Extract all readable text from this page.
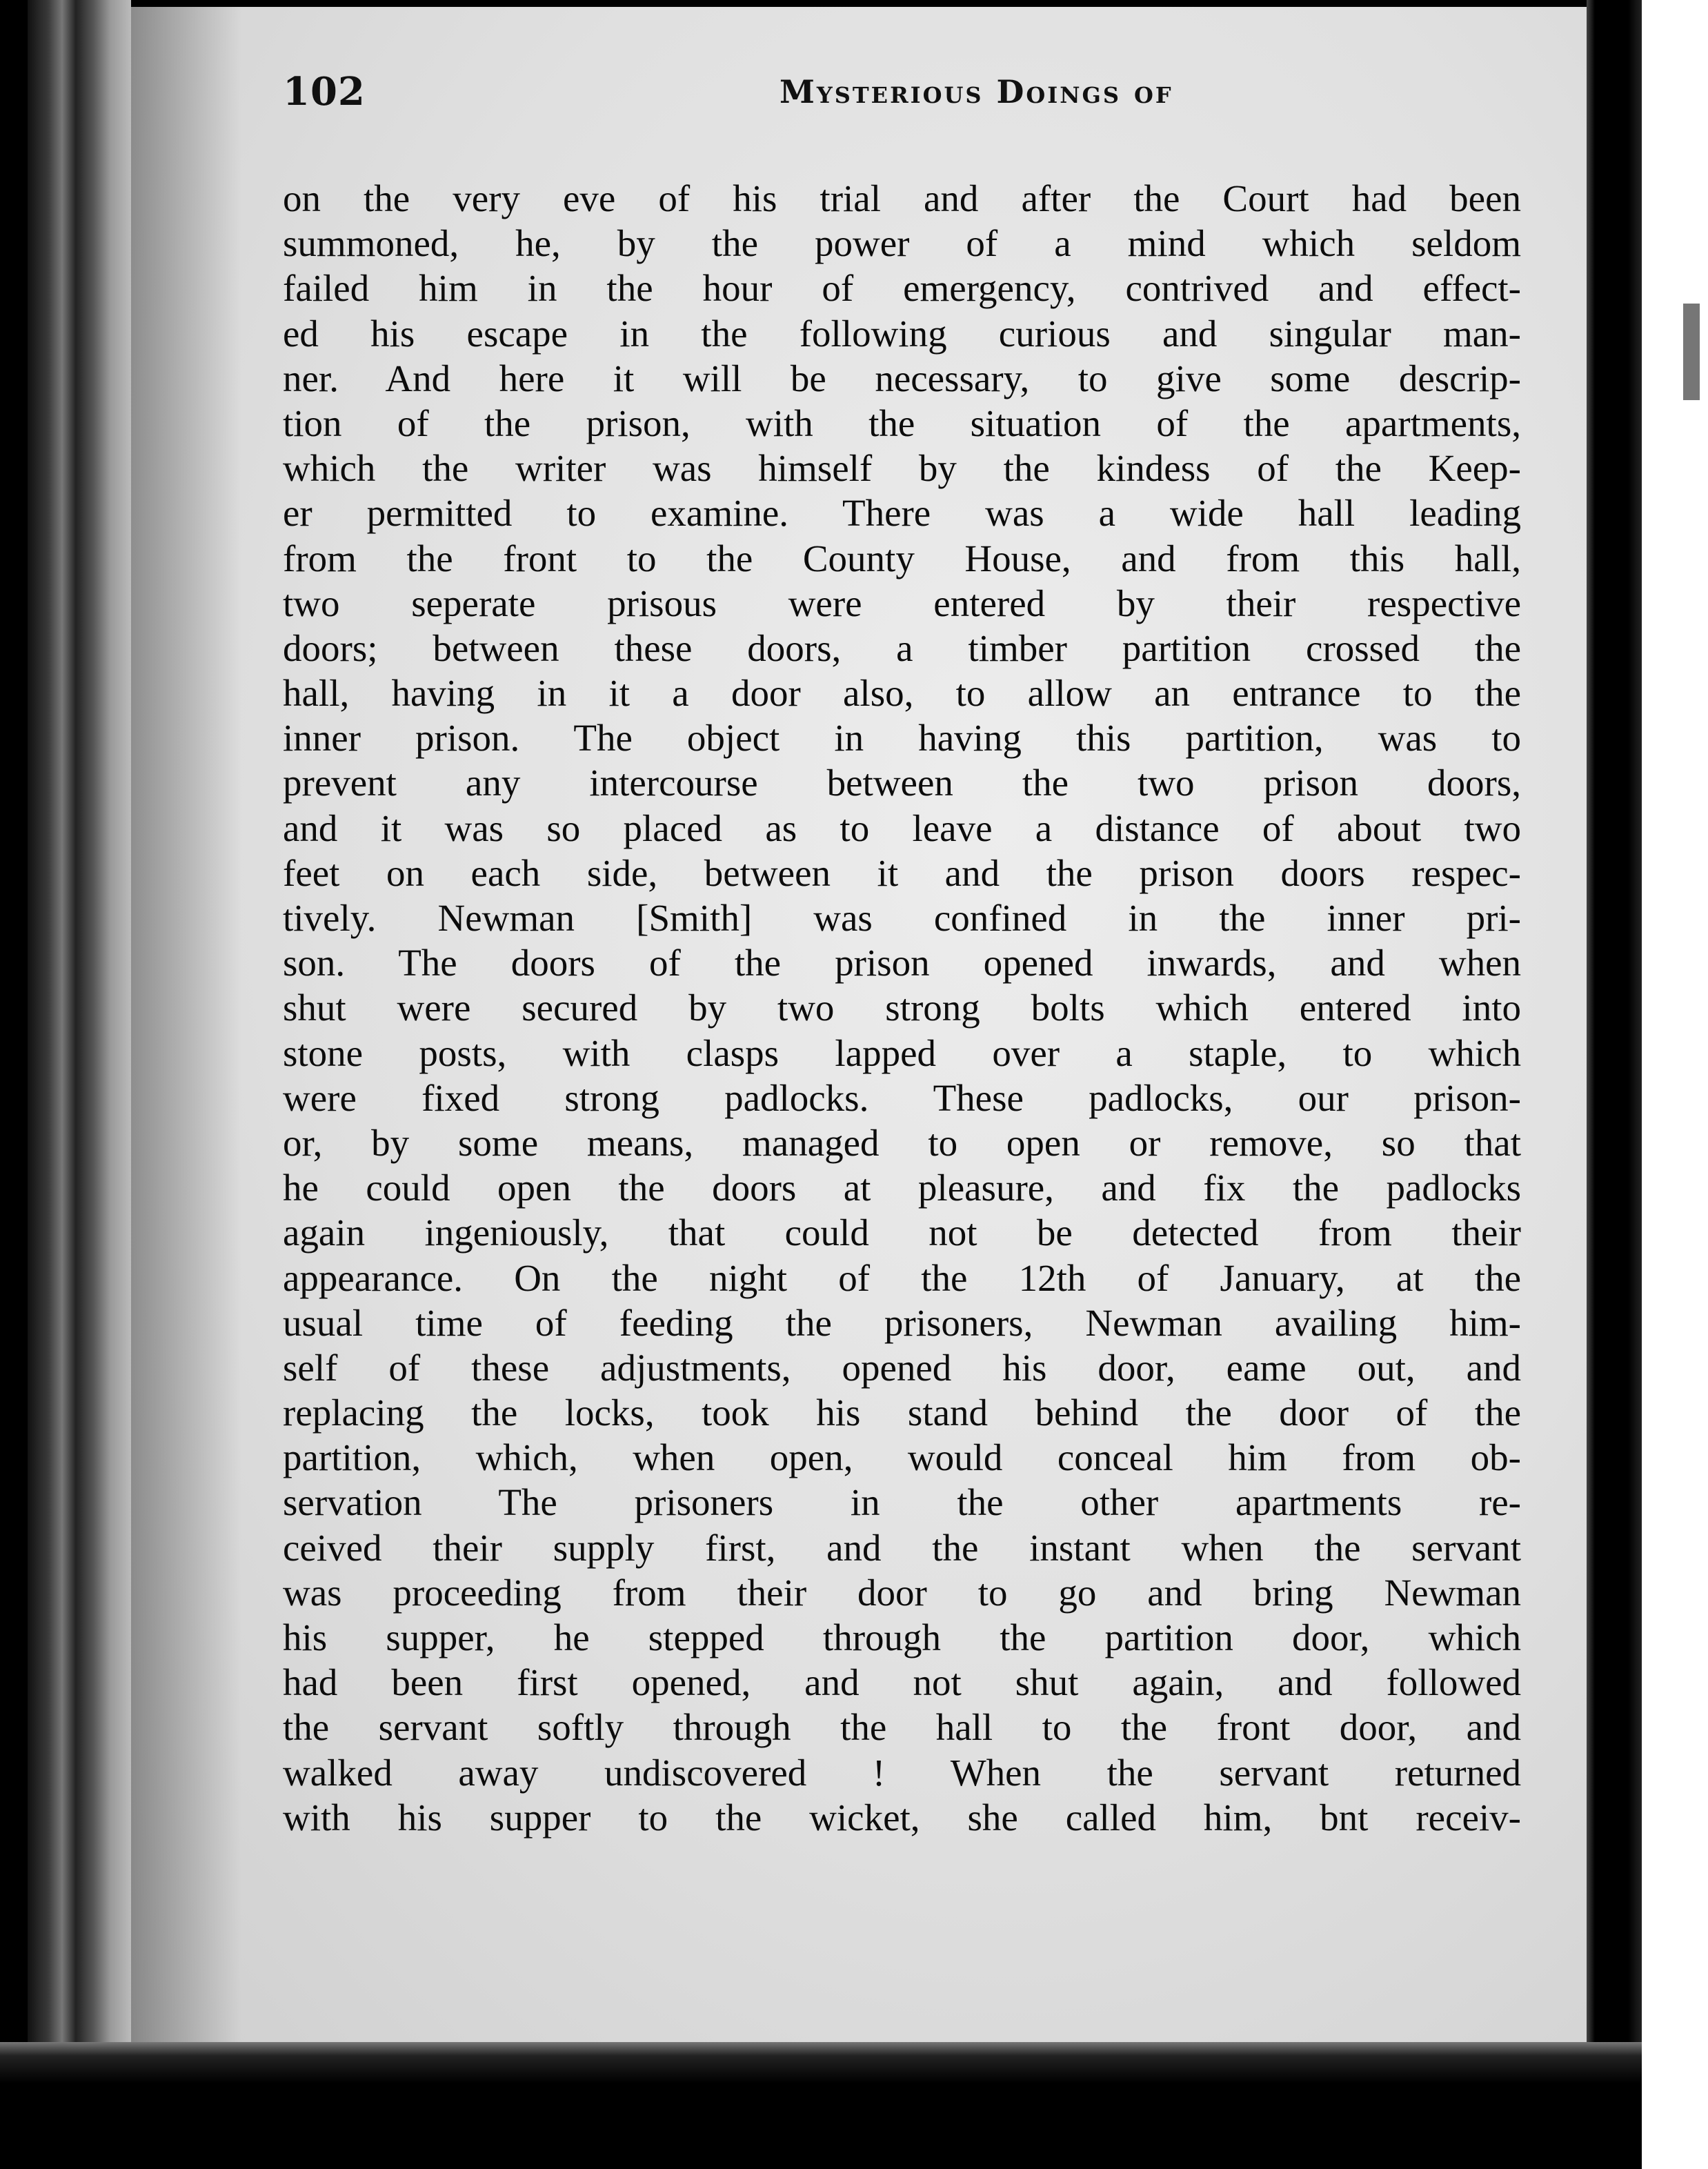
102	Mysterious Doings of
on the very eve of his trial and after the Court had been
summoned, he, by the power of a mind which seldom
failed him in the hour of emergency, contrived and effect-
ed his escape in the following curious and singular man-
ner. And here it will be necessary, to give some descrip-
tion of the prison, with the situation of the apartments,
which the writer was himself by the kindess of the Keep-
er permitted to examine. There was a wide hall leading
from the front to the County House, and from this hall,
two seperate prisous were entered by their respective
doors; between these doors, a timber partition crossed the
hall, having in it a door also, to allow an entrance to the
inner prison. The object in having this partition, was to
prevent any intercourse between the two prison doors,
and it was so placed as to leave a distance of about two
feet on each side, between it and the prison doors respec-
tively. Newman [Smith] was confined in the inner pri-
son. The doors of the prison opened inwards, and when
shut were secured by two strong bolts which entered into
stone posts, with clasps lapped over a staple, to which
were fixed strong padlocks. These padlocks, our prison-
or, by some means, managed to open or remove, so that
he could open the doors at pleasure, and fix the padlocks
again ingeniously, that could not be detected from their
appearance. On the night of the 12th of January, at the
usual time of feeding the prisoners, Newman availing him-
self of these adjustments, opened his door, eame out, and
replacing the locks, took his stand behind the door of the
partition, which, when open, would conceal him from ob-
servation The prisoners in the other apartments re-
ceived their supply first, and the instant when the servant
was proceeding from their door to go and bring Newman
his supper, he stepped through the partition door, which
had been first opened, and not shut again, and followed
the servant softly through the hall to the front door, and
walked away undiscovered ! When the servant returned
with his supper to the wicket, she called him, bnt receiv-
